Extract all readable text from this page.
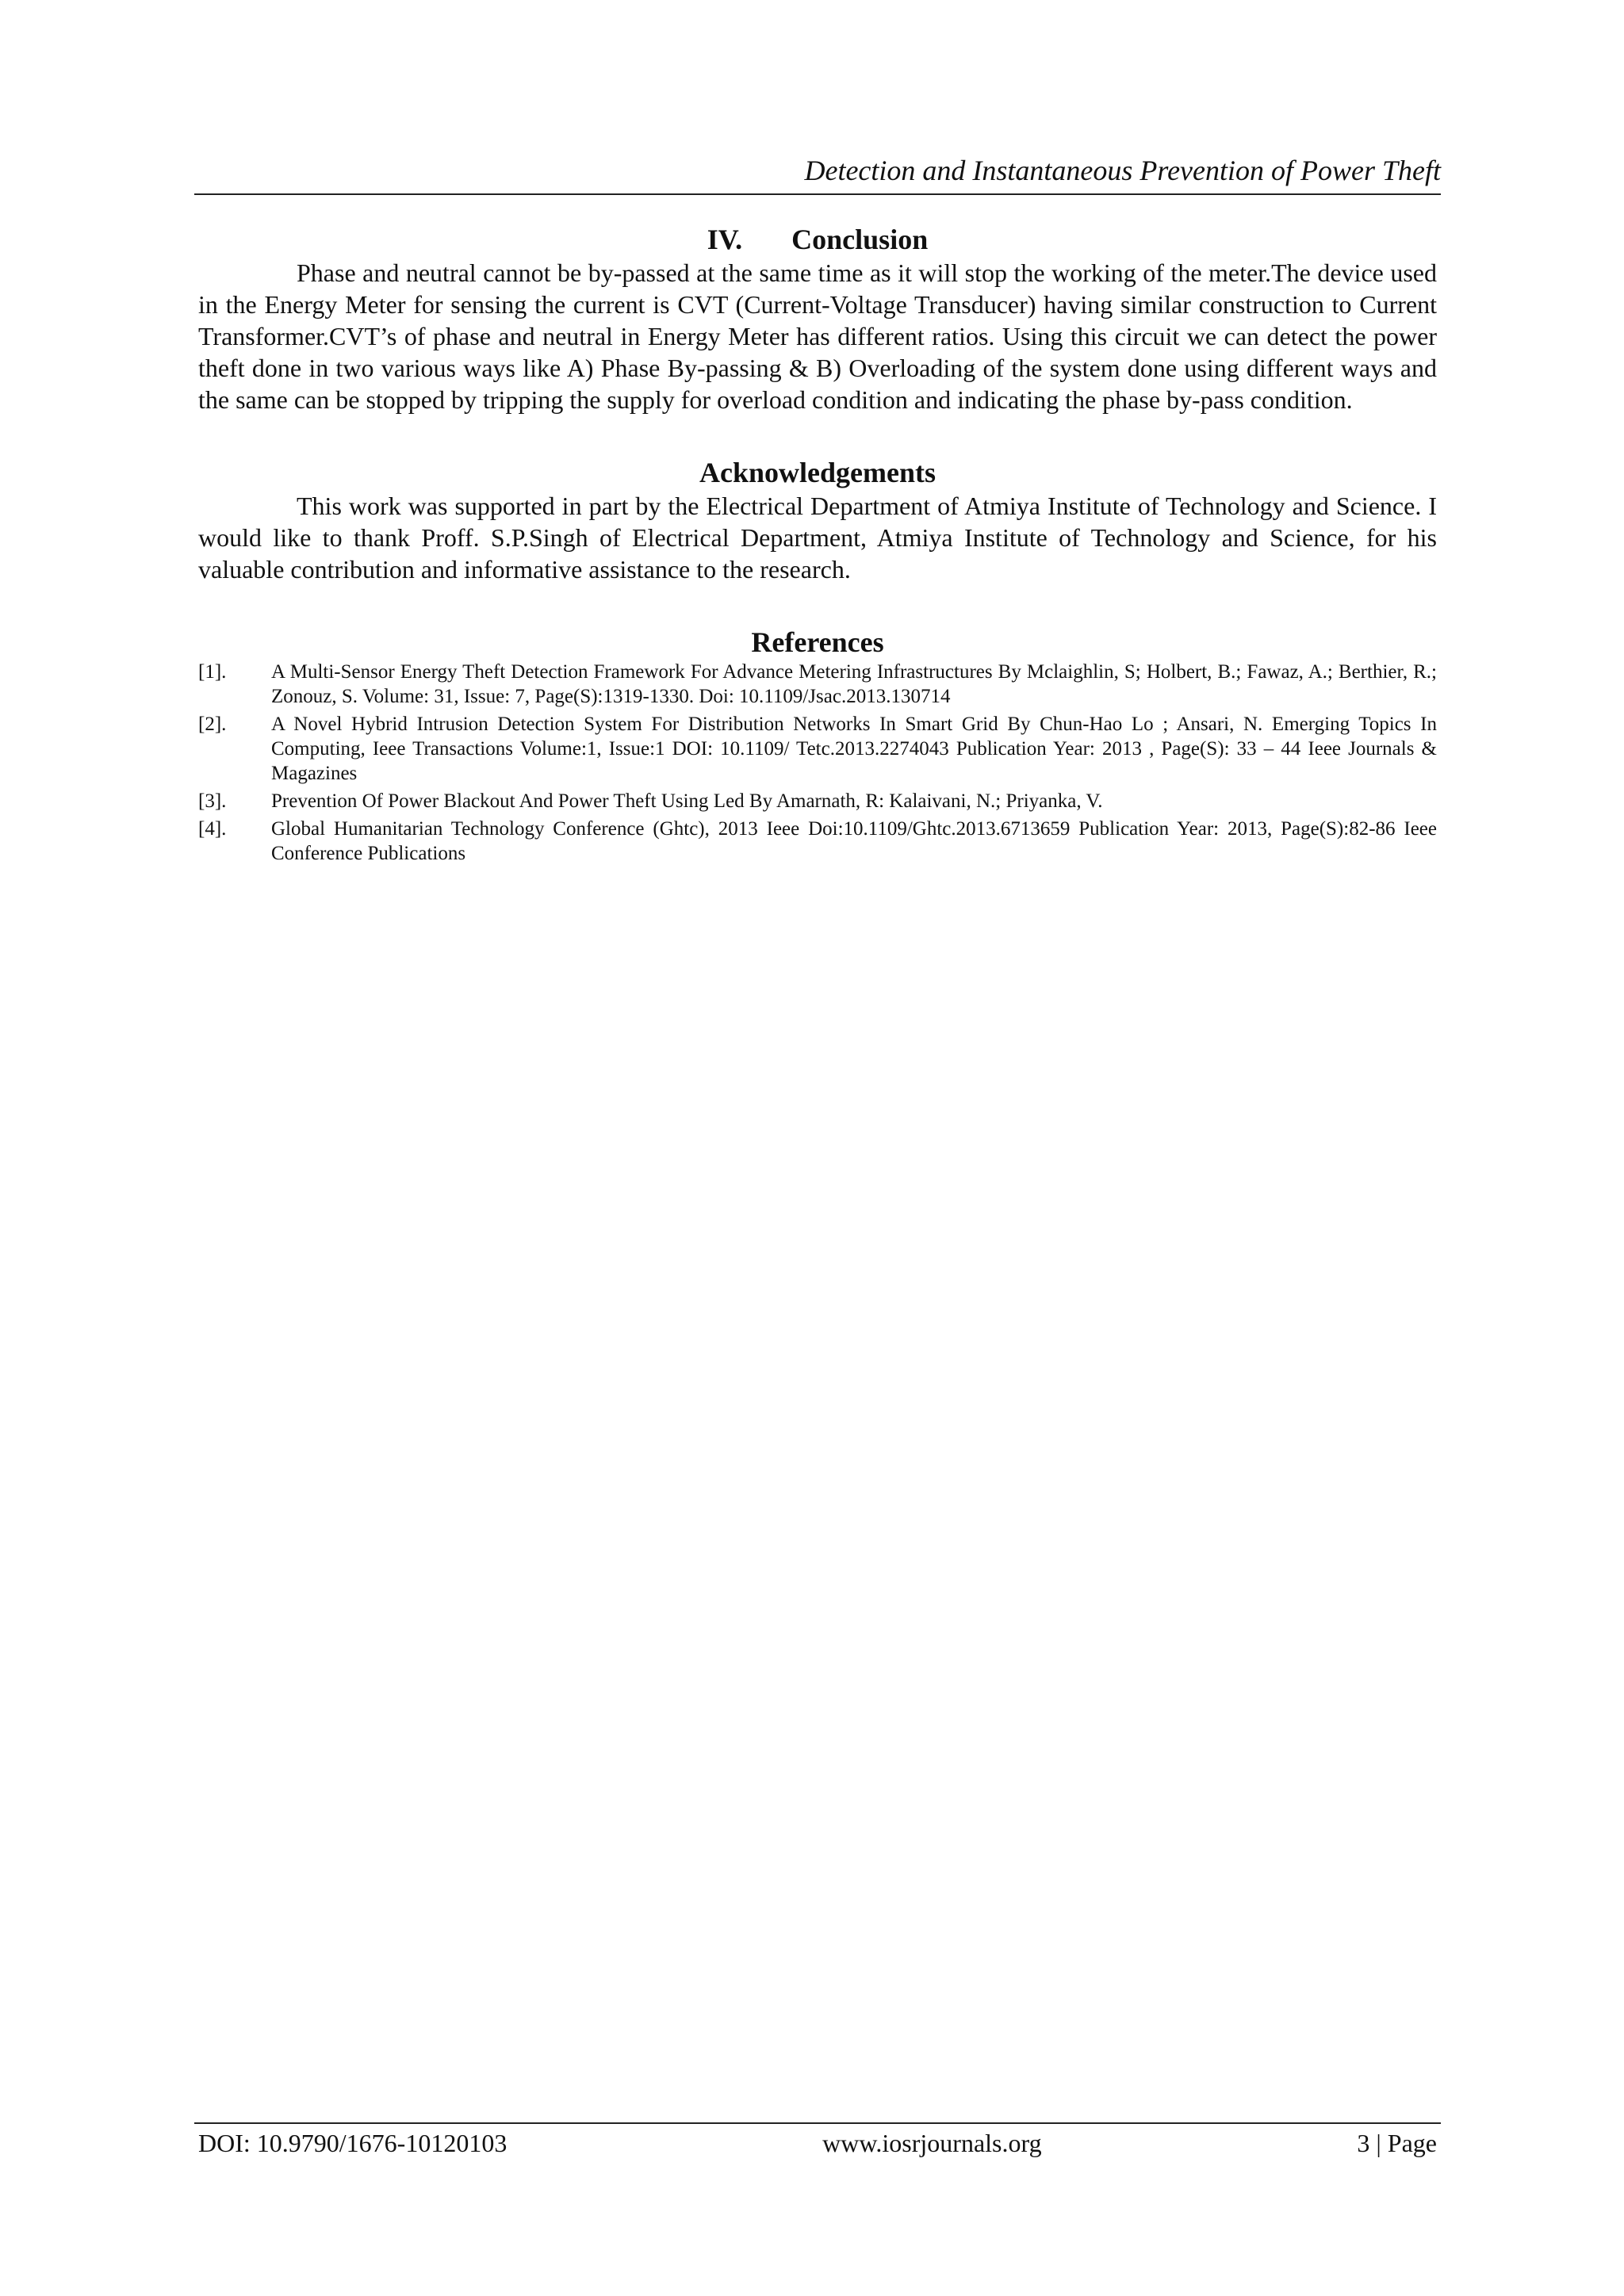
Detection and Instantaneous Prevention of Power Theft
IV. Conclusion

Phase and neutral cannot be by-passed at the same time as it will stop the working of the meter.The device used in the Energy Meter for sensing the current is CVT (Current-Voltage Transducer) having similar construction to Current Transformer.CVT’s of phase and neutral in Energy Meter has different ratios. Using this circuit we can detect the power theft done in two various ways like A) Phase By-passing & B) Overloading of the system done using different ways and the same can be stopped by tripping the supply for overload condition and indicating the phase by-pass condition.

Acknowledgements

This work was supported in part by the Electrical Department of Atmiya Institute of Technology and Science. I would like to thank Proff. S.P.Singh of Electrical Department, Atmiya Institute of Technology and Science, for his valuable contribution and informative assistance to the research.

References
[1].	A Multi-Sensor Energy Theft Detection Framework For Advance Metering Infrastructures By Mclaighlin, S; Holbert, B.; Fawaz, A.; Berthier, R.; Zonouz, S. Volume: 31, Issue: 7, Page(S):1319-1330. Doi: 10.1109/Jsac.2013.130714
[2].	A Novel Hybrid Intrusion Detection System For Distribution Networks In Smart Grid By Chun-Hao Lo ; Ansari, N. Emerging Topics In Computing, Ieee Transactions Volume:1, Issue:1 DOI: 10.1109/ Tetc.2013.2274043 Publication Year: 2013 , Page(S): 33 – 44 Ieee Journals & Magazines
[3].	Prevention Of Power Blackout And Power Theft Using Led By Amarnath, R: Kalaivani, N.; Priyanka, V.
[4].	Global Humanitarian Technology Conference (Ghtc), 2013 Ieee Doi:10.1109/Ghtc.2013.6713659 Publication Year: 2013, Page(S):82-86 Ieee Conference Publications
DOI: 10.9790/1676-10120103	www.iosrjournals.org	3 | Page
